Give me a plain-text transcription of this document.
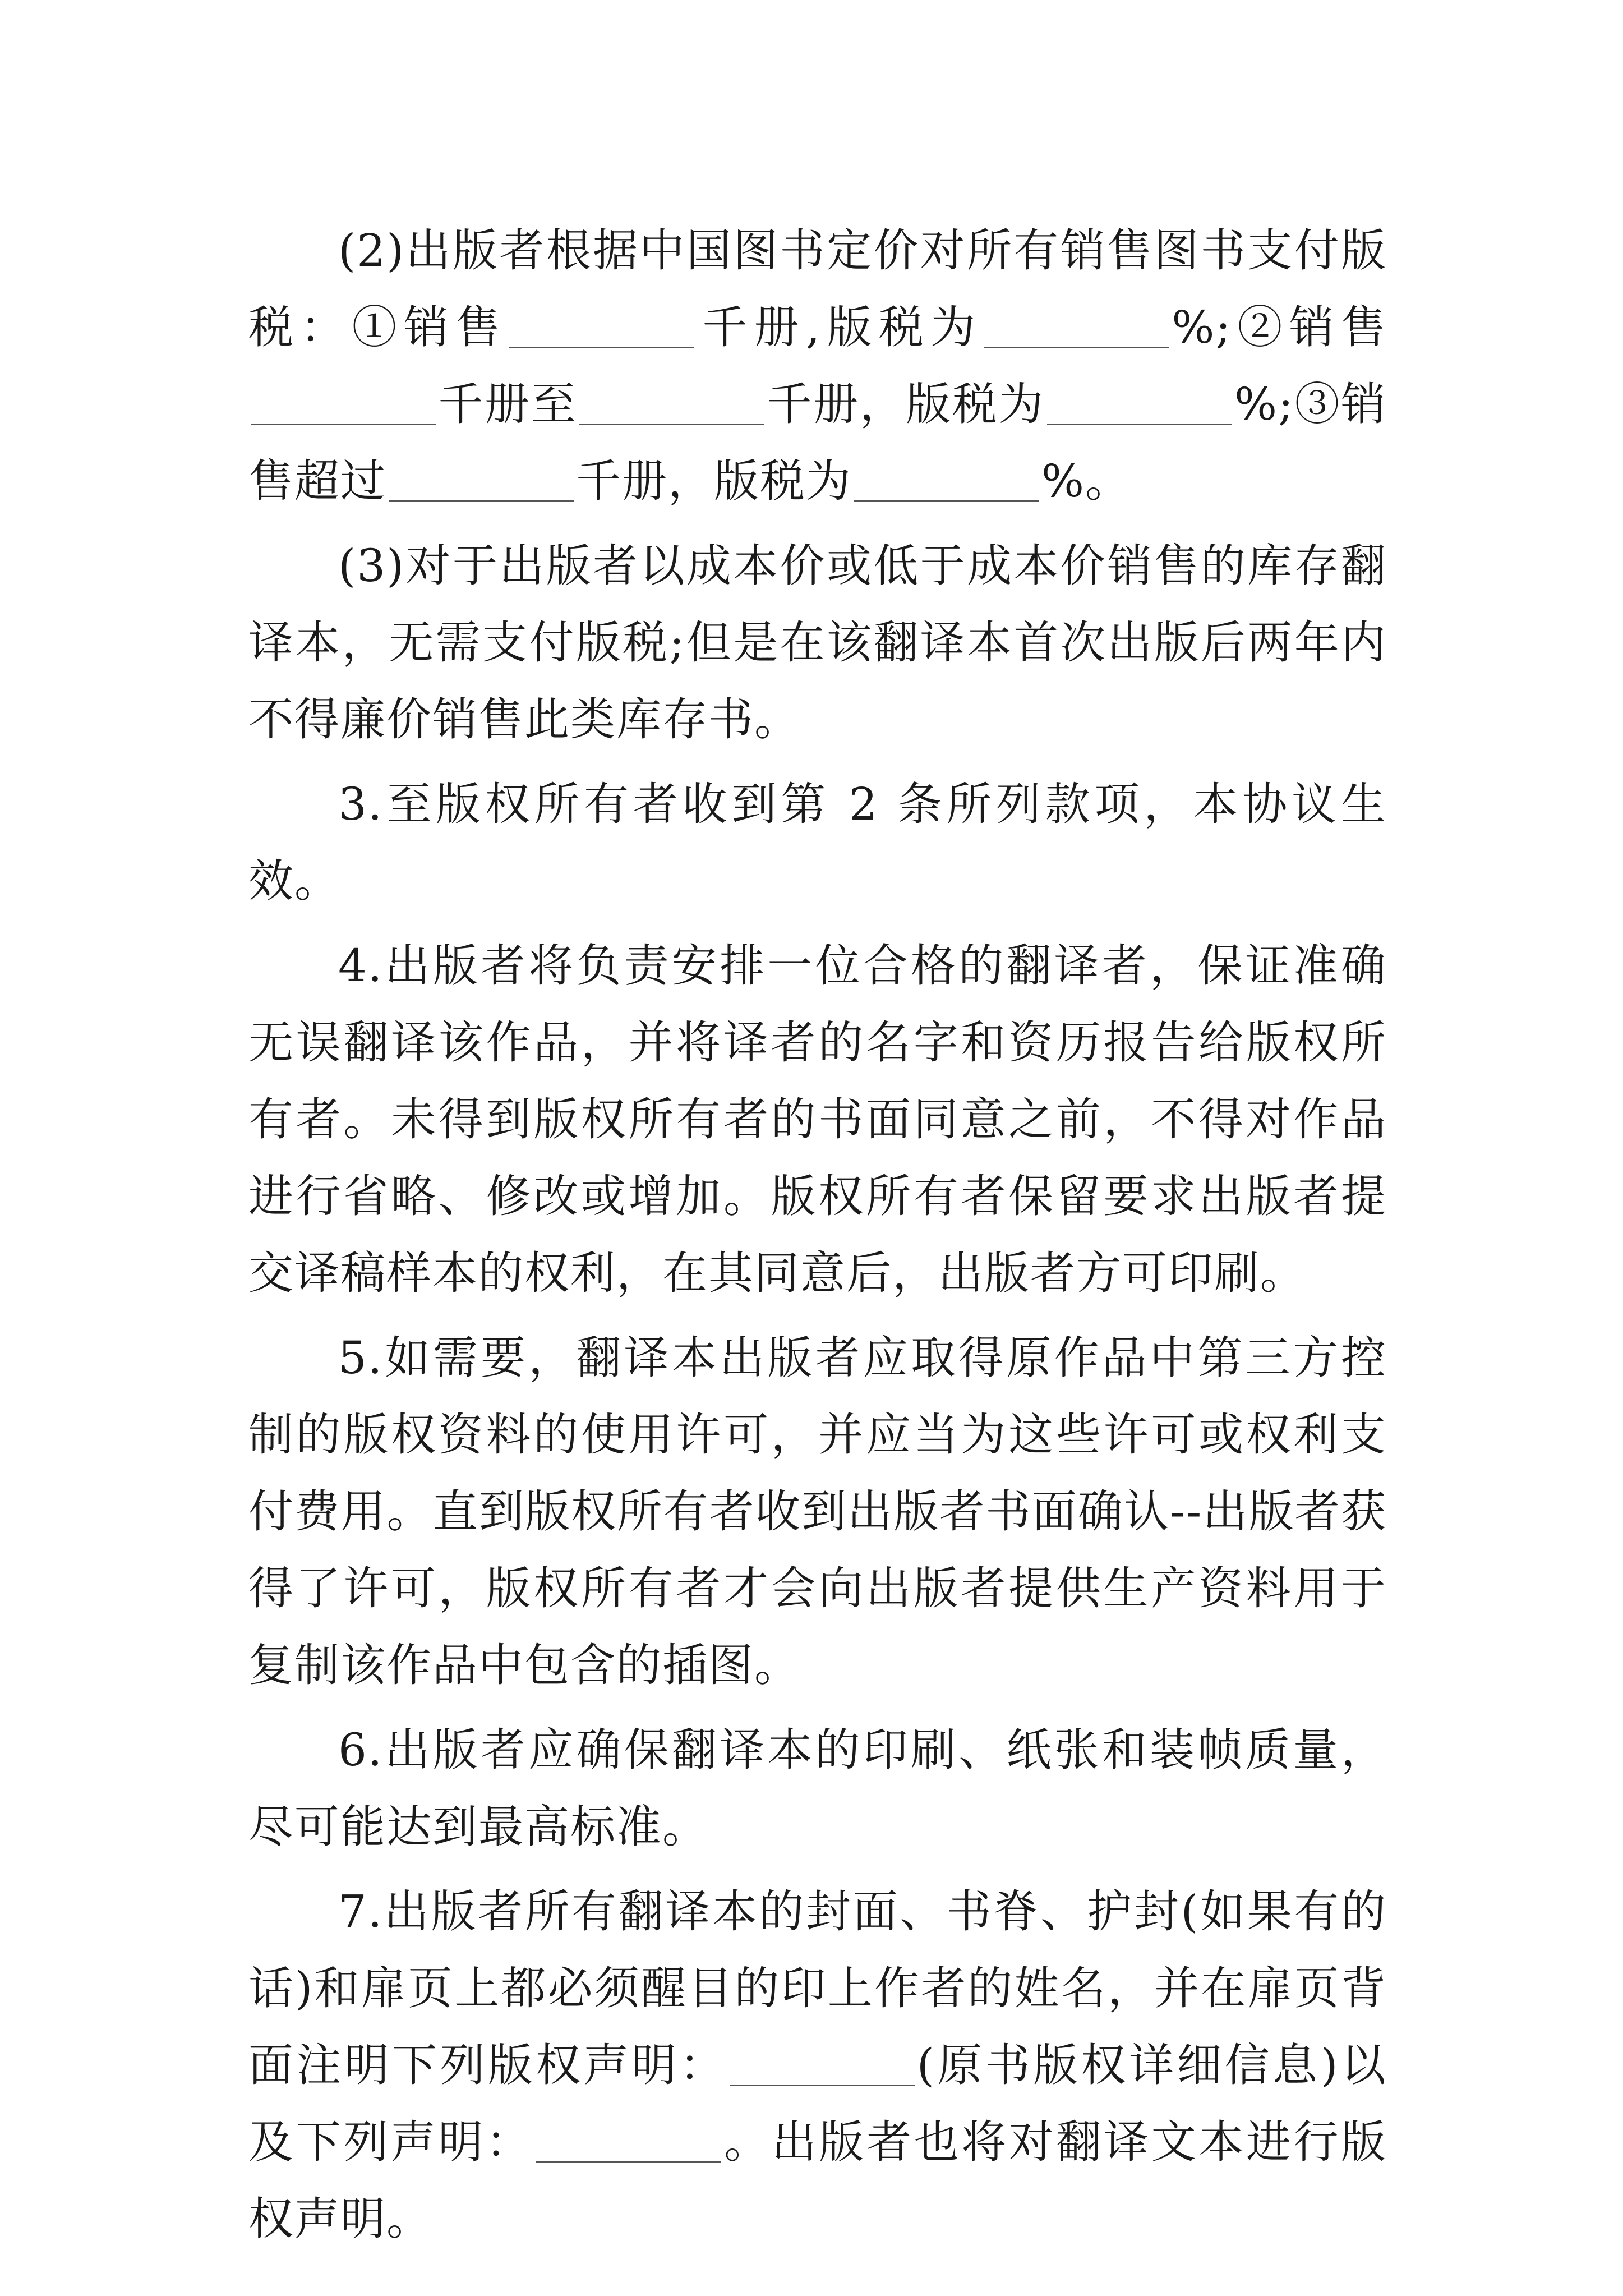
(2)出版者根据中国图书定价对所有销售图书支付版税：①销售	千册,版税为	%;②销售千册至	千册，版税为	%;③销售超过	千册，版税为	%。

(3)对于出版者以成本价或低于成本价销售的库存翻译本，无需支付版税;但是在该翻译本首次出版后两年内不得廉价销售此类库存书。

3.至版权所有者收到第 2 条所列款项，本协议生效。

4.出版者将负责安排一位合格的翻译者，保证准确无误翻译该作品，并将译者的名字和资历报告给版权所有者。未得到版权所有者的书面同意之前，不得对作品进行省略、修改或增加。版权所有者保留要求出版者提交译稿样本的权利，在其同意后，出版者方可印刷。

5.如需要，翻译本出版者应取得原作品中第三方控制的版权资料的使用许可，并应当为这些许可或权利支付费用。直到版权所有者收到出版者书面确认--出版者获得了许可，版权所有者才会向出版者提供生产资料用于复制该作品中包含的插图。

6.出版者应确保翻译本的印刷、纸张和装帧质量，尽可能达到最高标准。

7.出版者所有翻译本的封面、书脊、护封(如果有的话)和扉页上都必须醒目的印上作者的姓名，并在扉页背面注明下列版权声明：	(原书版权详细信息)以及下列声明：	。出版者也将对翻译文本进行版权声明。
